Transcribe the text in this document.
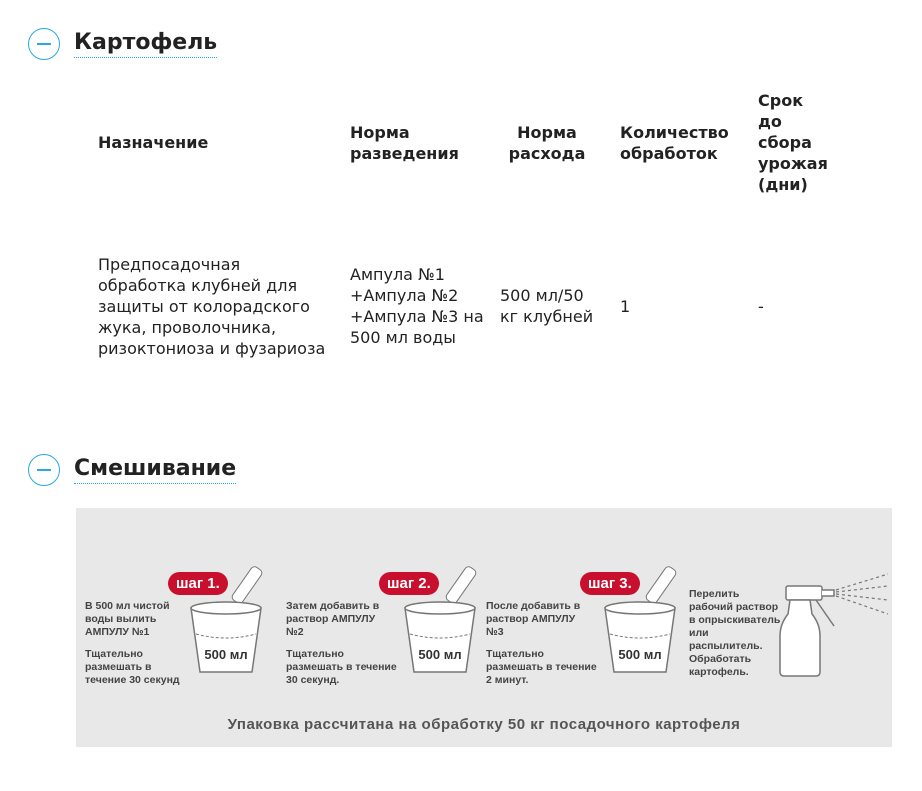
Картофель
Назначение	Норма разведения	Норма расхода	Количество обработок	Срок до сбора урожая (дни)
Предпосадочная обработка клубней для защиты от колорадского жука, проволочника, ризоктониоза и фузариоза	Ампула №1 +Ампула №2 +Ампула №3 на 500 мл воды	500 мл/50 кг клубней	1	-
Смешивание
шаг 1.
В 500 мл чистой воды вылить АМПУЛУ №1
Тщательно размешать в течение 30 секунд
500 мл
шаг 2.
Затем добавить в раствор АМПУЛУ №2
Тщательно размешать в течение 30 секунд.
500 мл
шаг 3.
После добавить в раствор АМПУЛУ №3
Тщательно размешать в течение 2 минут.
500 мл
Перелить рабочий раствор в опрыскиватель или распылитель. Обработать картофель.
Упаковка рассчитана на обработку 50 кг посадочного картофеля
